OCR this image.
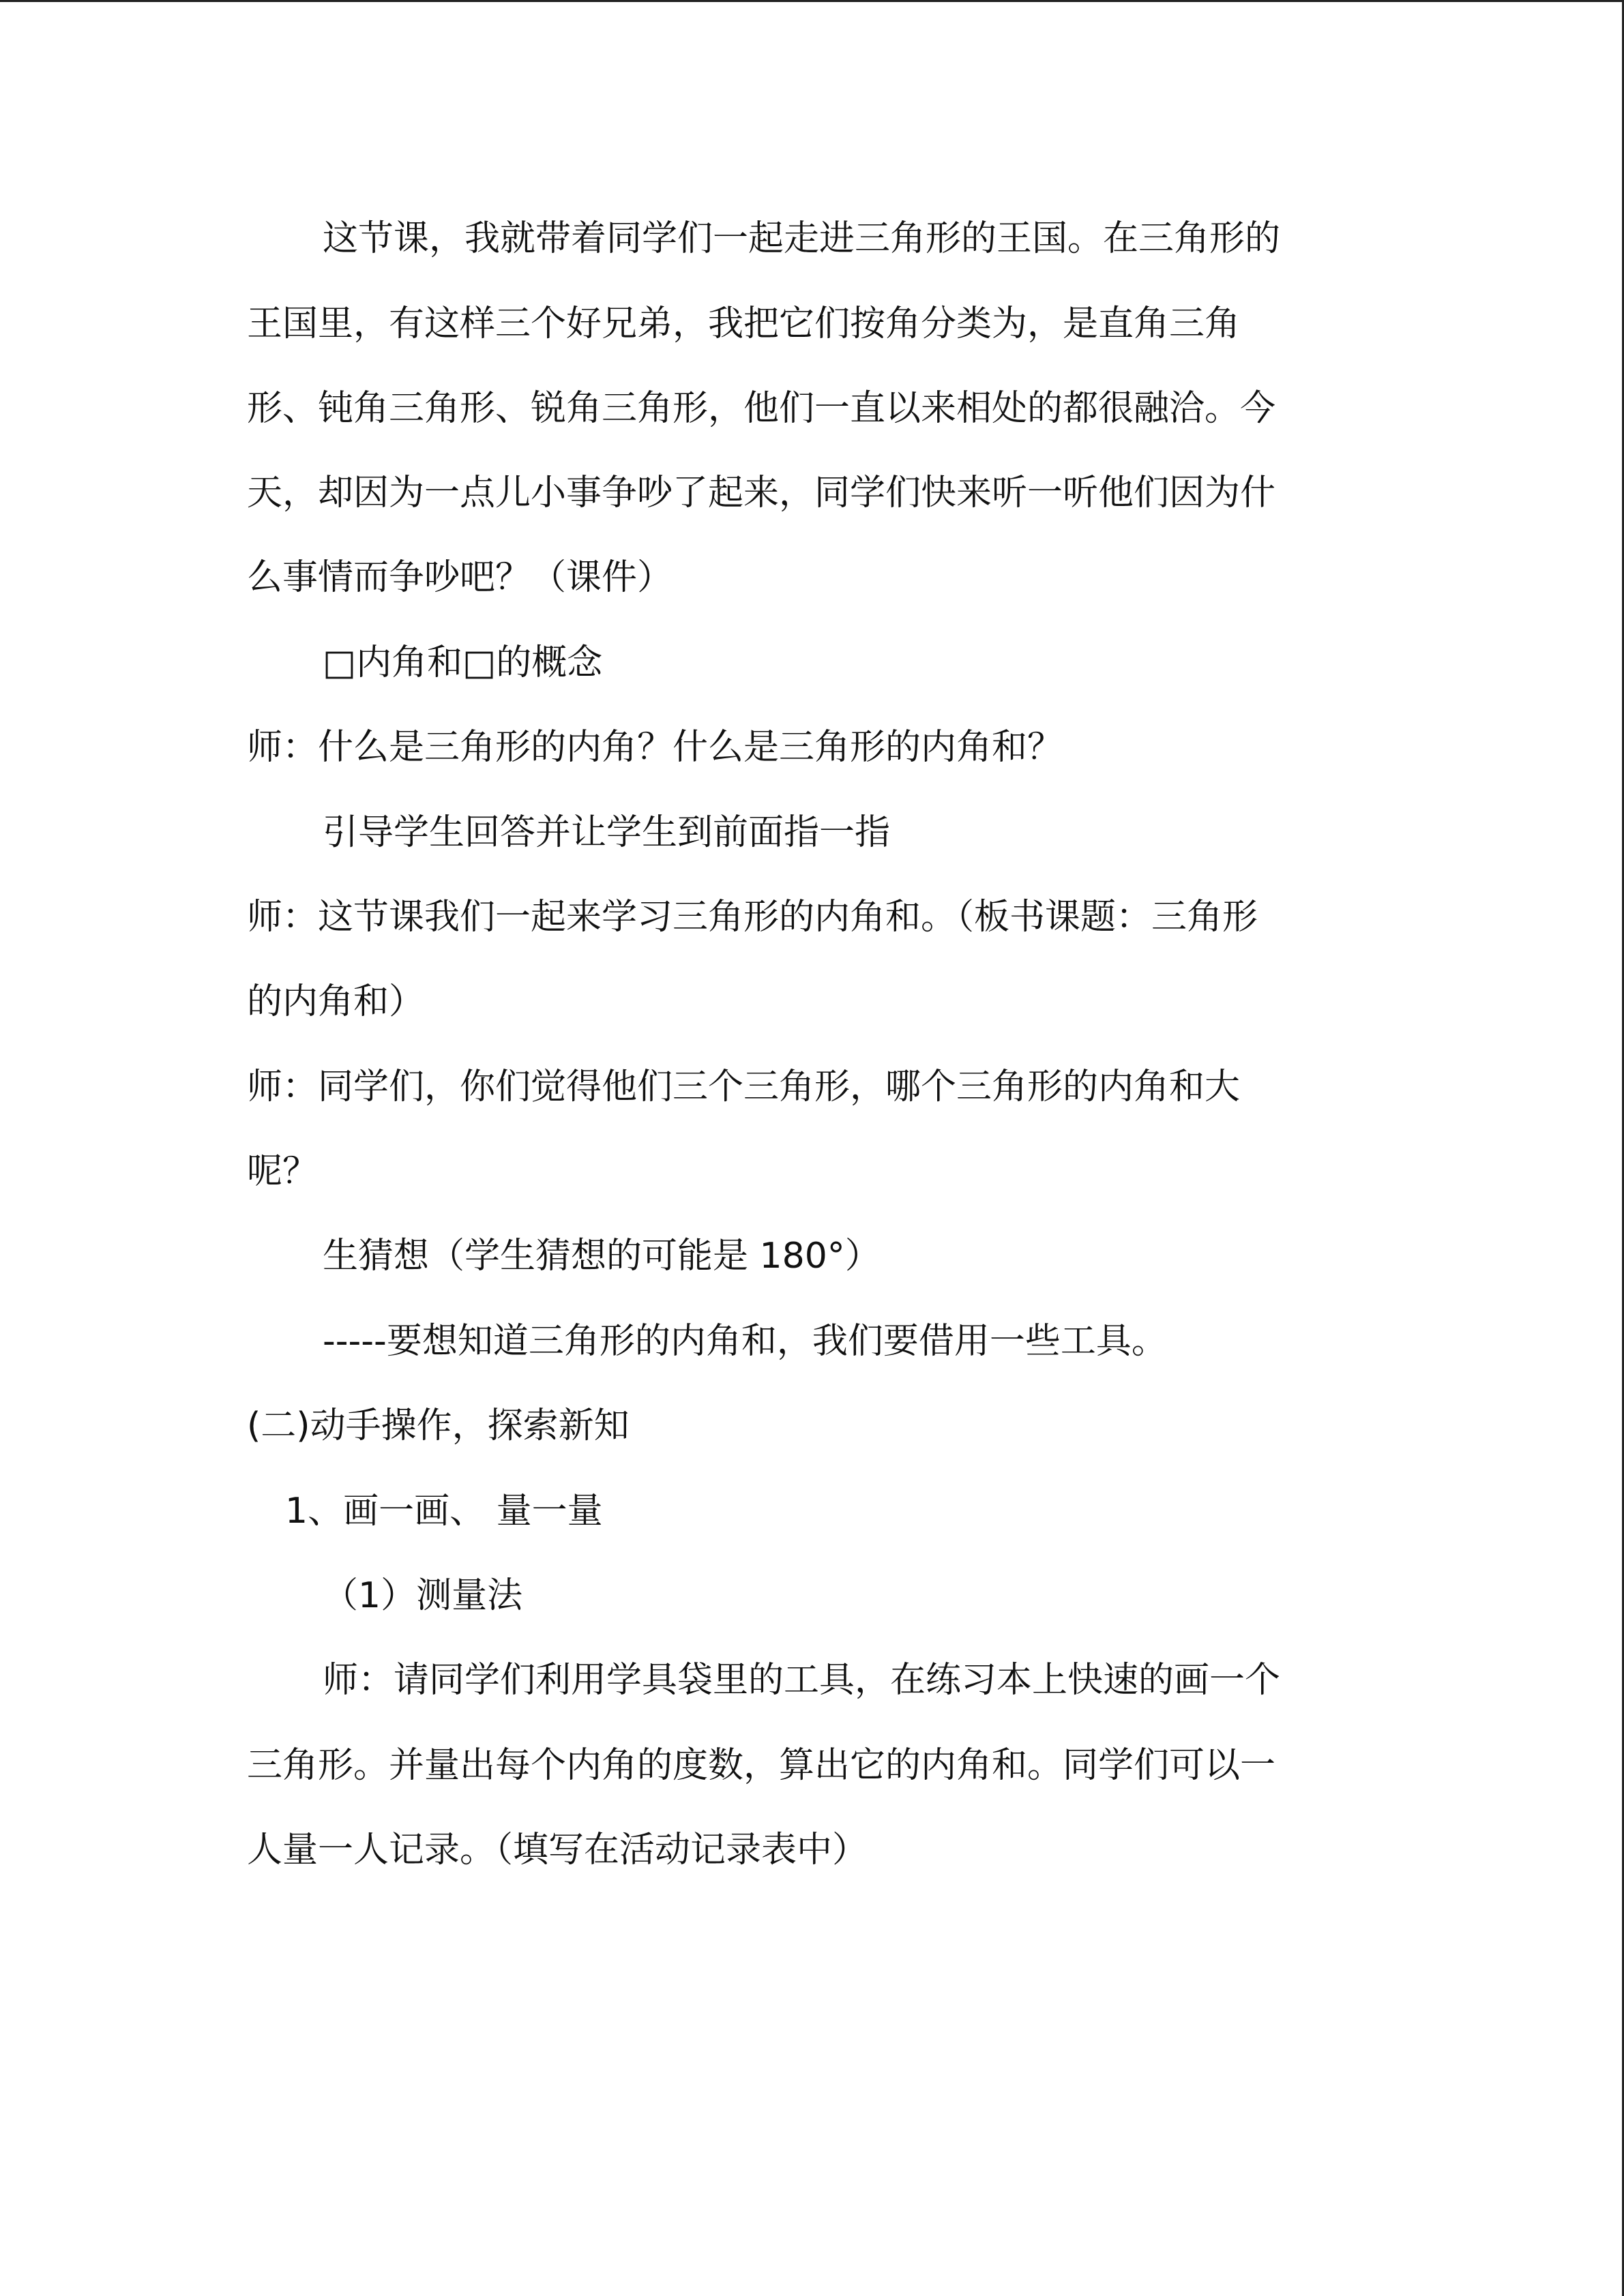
这节课，我就带着同学们一起走进三角形的王国。在三角形的
王国里，有这样三个好兄弟，我把它们按角分类为，是直角三角
形、钝角三角形、锐角三角形，他们一直以来相处的都很融洽。今
天，却因为一点儿小事争吵了起来，同学们快来听一听他们因为什
么事情而争吵吧？（课件）
□内角和□的概念
师：什么是三角形的内角？什么是三角形的内角和？
引导学生回答并让学生到前面指一指
师：这节课我们一起来学习三角形的内角和。（板书课题：三角形
的内角和）
师：同学们，你们觉得他们三个三角形，哪个三角形的内角和大
呢？
生猜想（学生猜想的可能是 180°）
-----要想知道三角形的内角和，我们要借用一些工具。
(二)动手操作，探索新知
1、画一画、 量一量
（1）测量法
师：请同学们利用学具袋里的工具，在练习本上快速的画一个
三角形。并量出每个内角的度数，算出它的内角和。同学们可以一
人量一人记录。（填写在活动记录表中）
